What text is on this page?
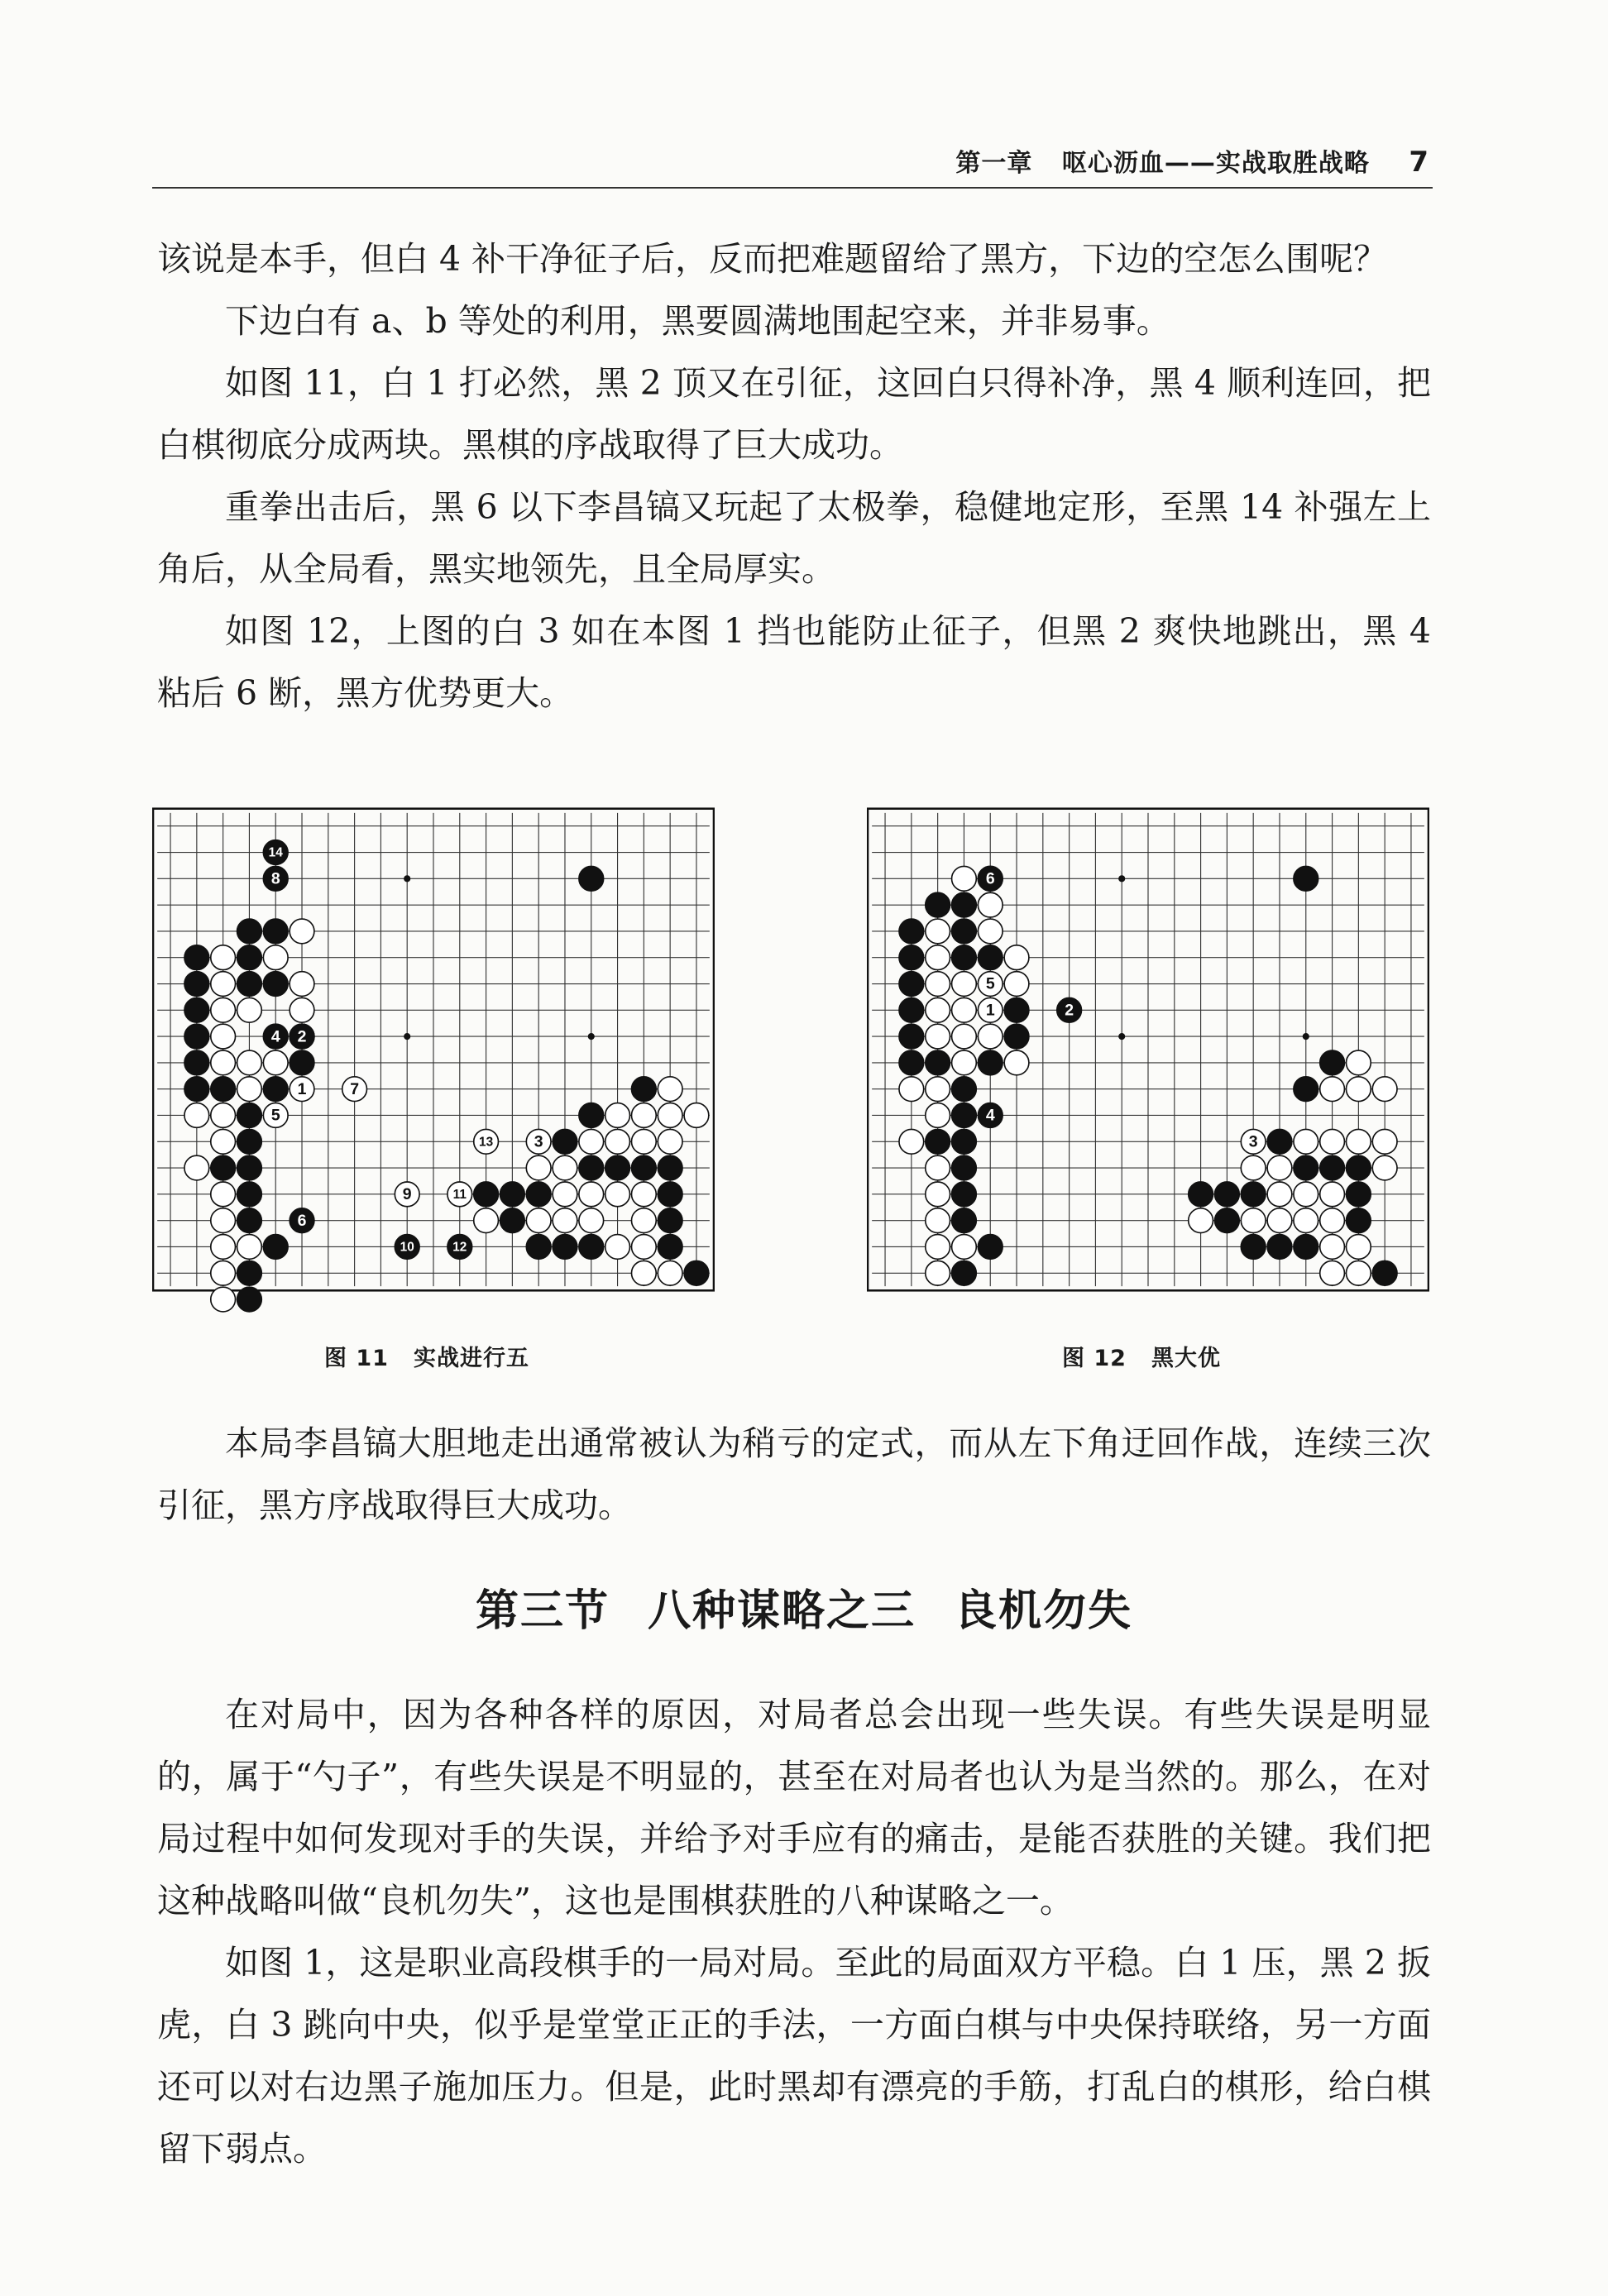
第一章 呕心沥血——实战取胜战略 7

该说是本手，但白 4 补干净征子后，反而把难题留给了黑方，下边的空怎么围呢？

下边白有 a、b 等处的利用，黑要圆满地围起空来，并非易事。

如图 11，白 1 打必然，黑 2 顶又在引征，这回白只得补净，黑 4 顺利连回，把白棋彻底分成两块。黑棋的序战取得了巨大成功。

重拳出击后，黑 6 以下李昌镐又玩起了太极拳，稳健地定形，至黑 14 补强左上角后，从全局看，黑实地领先，且全局厚实。

如图 12，上图的白 3 如在本图 1 挡也能防止征子，但黑 2 爽快地跳出，黑 4 粘后 6 断，黑方优势更大。

1
2
3
4
5
6
7
8
9
10
11
12
13
14
图 11 实战进行五
1	2
3
4
5
6
图 12 黑大优

本局李昌镐大胆地走出通常被认为稍亏的定式，而从左下角迂回作战，连续三次引征，黑方序战取得巨大成功。

第三节 八种谋略之三 良机勿失

在对局中，因为各种各样的原因，对局者总会出现一些失误。有些失误是明显的，属于“勺子”，有些失误是不明显的，甚至在对局者也认为是当然的。那么，在对局过程中如何发现对手的失误，并给予对手应有的痛击，是能否获胜的关键。我们把这种战略叫做“良机勿失”，这也是围棋获胜的八种谋略之一。

如图 1，这是职业高段棋手的一局对局。至此的局面双方平稳。白 1 压，黑 2 扳虎，白 3 跳向中央，似乎是堂堂正正的手法，一方面白棋与中央保持联络，另一方面还可以对右边黑子施加压力。但是，此时黑却有漂亮的手筋，打乱白的棋形，给白棋留下弱点。
